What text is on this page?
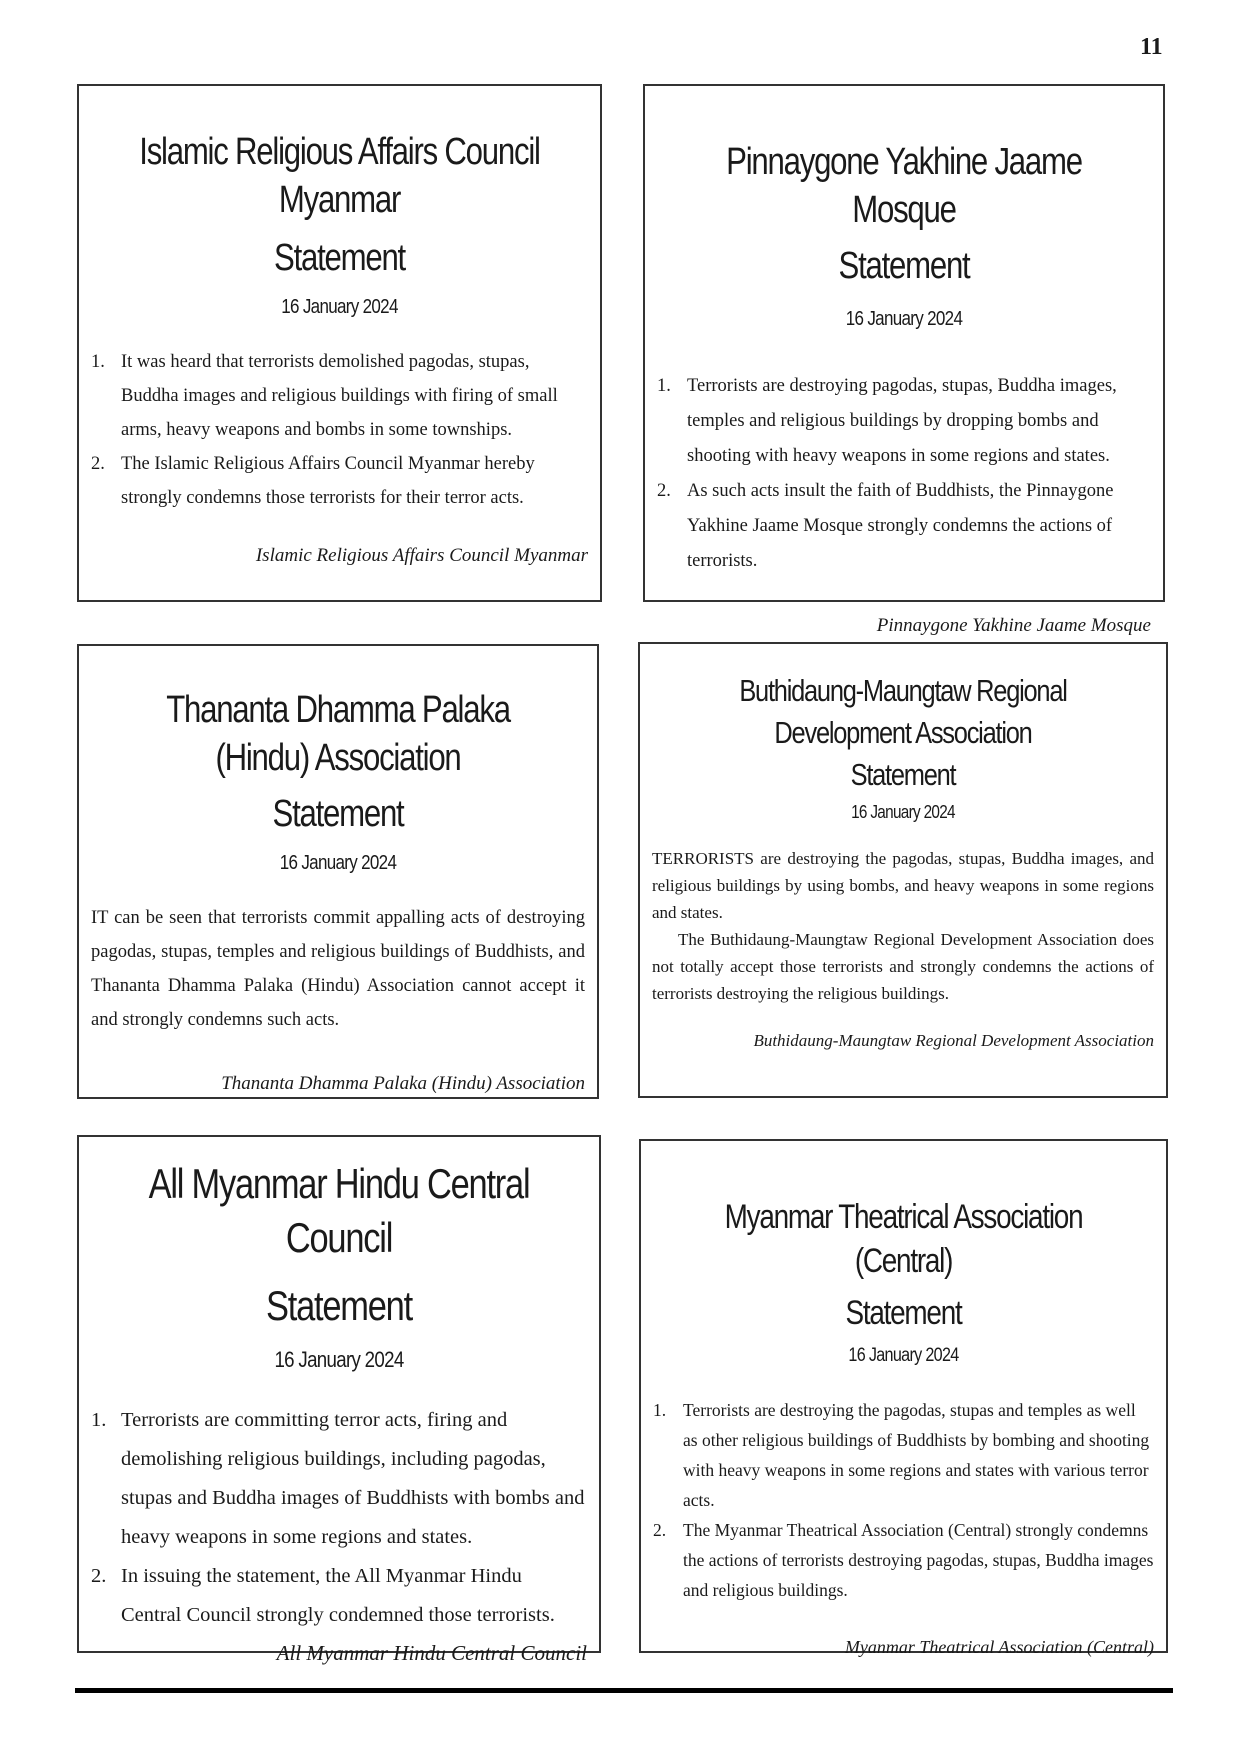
11
Islamic Religious Affairs Council Myanmar
Statement
16 January 2024
It was heard that terrorists demolished pagodas, stupas, Buddha images and religious buildings with firing of small arms, heavy weapons and bombs in some townships.
The Islamic Religious Affairs Council Myanmar hereby strongly condemns those terrorists for their terror acts.
Islamic Religious Affairs Council Myanmar
Pinnaygone Yakhine Jaame Mosque
Statement
16 January 2024
Terrorists are destroying pagodas, stupas, Buddha images, temples and religious buildings by dropping bombs and shooting with heavy weapons in some regions and states.
As such acts insult the faith of Buddhists, the Pinnaygone Yakhine Jaame Mosque strongly condemns the actions of terrorists.
Pinnaygone Yakhine Jaame Mosque
Thananta Dhamma Palaka (Hindu) Association
Statement
16 January 2024
IT can be seen that terrorists commit appalling acts of destroying pagodas, stupas, temples and religious buildings of Buddhists, and Thananta Dhamma Palaka (Hindu) Association cannot accept it and strongly condemns such acts.
Thananta Dhamma Palaka (Hindu) Association
Buthidaung-Maungtaw Regional
Development Association
Statement
16 January 2024
TERRORISTS are destroying the pagodas, stupas, Buddha images, and religious buildings by using bombs, and heavy weapons in some regions and states.
The Buthidaung-Maungtaw Regional Development Association does not totally accept those terrorists and strongly condemns the actions of terrorists destroying the religious buildings.
Buthidaung-Maungtaw Regional Development Association
All Myanmar Hindu Central Council
Statement
16 January 2024
Terrorists are committing terror acts, firing and demolishing religious buildings, including pagodas, stupas and Buddha images of Buddhists with bombs and heavy weapons in some regions and states.
In issuing the statement, the All Myanmar Hindu Central Council strongly condemned those terrorists.
All Myanmar Hindu Central Council
Myanmar Theatrical Association (Central)
Statement
16 January 2024
Terrorists are destroying the pagodas, stupas and temples as well as other religious buildings of Buddhists by bombing and shooting with heavy weapons in some regions and states with various terror acts.
The Myanmar Theatrical Association (Central) strongly condemns the actions of terrorists destroying pagodas, stupas, Buddha images and religious buildings.
Myanmar Theatrical Association (Central)
